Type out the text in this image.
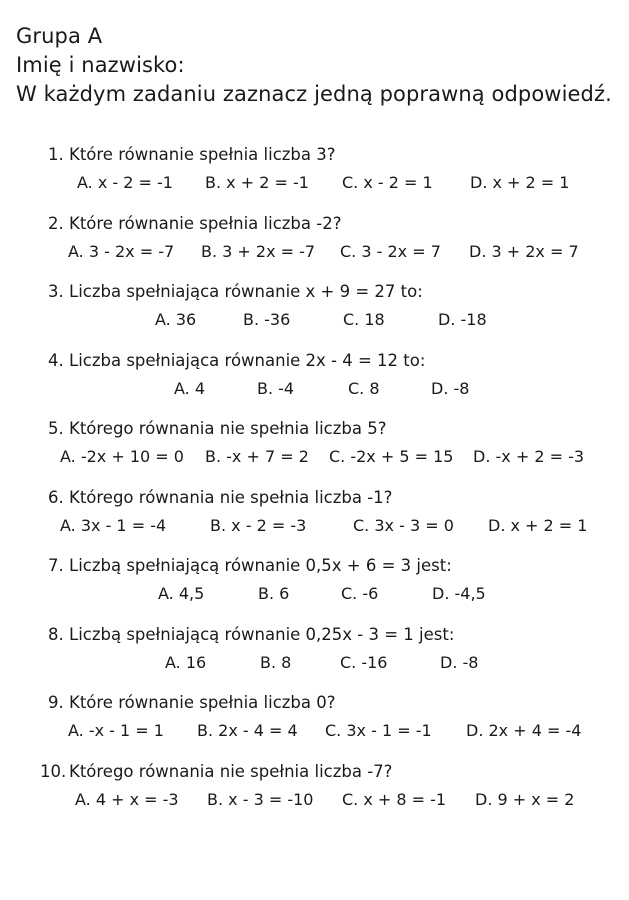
Grupa A
Imię i nazwisko:
W każdym zadaniu zaznacz jedną poprawną odpowiedź.
1. Które równanie spełnia liczba 3?
A. x - 2 = -1 B. x + 2 = -1 C. x - 2 = 1 D. x + 2 = 1
2. Które równanie spełnia liczba -2?
A. 3 - 2x = -7 B. 3 + 2x = -7 C. 3 - 2x = 7 D. 3 + 2x = 7
3. Liczba spełniająca równanie x + 9 = 27 to:
A. 36	B. -36	C. 18	D. -18
4. Liczba spełniająca równanie 2x - 4 = 12 to:
A. 4	B. -4	C. 8	D. -8
5. Którego równania nie spełnia liczba 5?
A. -2x + 10 = 0 B. -x + 7 = 2 C. -2x + 5 = 15 D. -x + 2 = -3
6. Którego równania nie spełnia liczba -1?
A. 3x - 1 = -4	B. x - 2 = -3	C. 3x - 3 = 0 D. x + 2 = 1
7. Liczbą spełniającą równanie 0,5x + 6 = 3 jest:
A. 4,5	B. 6	C. -6	D. -4,5
8. Liczbą spełniającą równanie 0,25x - 3 = 1 jest:
A. 16	B. 8	C. -16	D. -8
9. Które równanie spełnia liczba 0?
A. -x - 1 = 1 B. 2x - 4 = 4 C. 3x - 1 = -1 D. 2x + 4 = -4
10. Którego równania nie spełnia liczba -7?
A. 4 + x = -3 B. x - 3 = -10 C. x + 8 = -1 D. 9 + x = 2
